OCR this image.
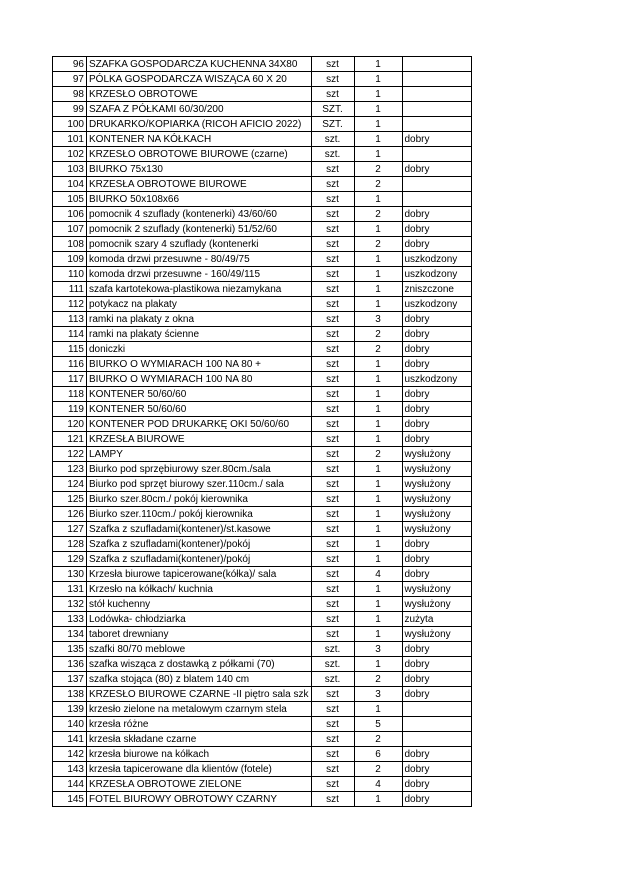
96	SZAFKA GOSPODARCZA KUCHENNA 34X80	szt	1	
97	PÓLKA GOSPODARCZA WISZĄCA 60 X 20	szt	1	
98	KRZESŁO OBROTOWE	szt	1	
99	SZAFA Z PÓŁKAMI 60/30/200	SZT.	1	
100	DRUKARKO/KOPIARKA (RICOH AFICIO 2022)	SZT.	1	
101	KONTENER NA KÓŁKACH	szt.	1	dobry
102	KRZESŁO OBROTOWE BIUROWE (czarne)	szt.	1	
103	BIURKO 75x130	szt	2	dobry
104	KRZESŁA OBROTOWE BIUROWE	szt	2	
105	BIURKO 50x108x66	szt	1	
106	pomocnik 4 szuflady (kontenerki) 43/60/60	szt	2	dobry
107	pomocnik 2 szuflady (kontenerki) 51/52/60	szt	1	dobry
108	pomocnik szary 4 szuflady (kontenerki	szt	2	dobry
109	komoda drzwi przesuwne - 80/49/75	szt	1	uszkodzony
110	komoda drzwi przesuwne - 160/49/115	szt	1	uszkodzony
111	szafa kartotekowa-plastikowa niezamykana	szt	1	zniszczone
112	potykacz na plakaty	szt	1	uszkodzony
113	ramki na plakaty z okna	szt	3	dobry
114	ramki na plakaty ścienne	szt	2	dobry
115	doniczki	szt	2	dobry
116	BIURKO O WYMIARACH 100 NA 80 +	szt	1	dobry
117	BIURKO O WYMIARACH 100 NA 80	szt	1	uszkodzony
118	KONTENER 50/60/60	szt	1	dobry
119	KONTENER 50/60/60	szt	1	dobry
120	KONTENER POD DRUKARKĘ OKI 50/60/60	szt	1	dobry
121	KRZESŁA BIUROWE	szt	1	dobry
122	LAMPY	szt	2	wysłużony
123	Biurko pod sprzębiurowy szer.80cm./sala	szt	1	wysłużony
124	Biurko pod sprzęt biurowy szer.110cm./ sala	szt	1	wysłużony
125	Biurko szer.80cm./ pokój kierownika	szt	1	wysłużony
126	Biurko szer.110cm./ pokój kierownika	szt	1	wysłużony
127	Szafka z szufladami(kontener)/st.kasowe	szt	1	wysłużony
128	Szafka z szufladami(kontener)/pokój	szt	1	dobry
129	Szafka z szufladami(kontener)/pokój	szt	1	dobry
130	Krzesła biurowe tapicerowane(kółka)/ sala	szt	4	dobry
131	Krzesło na kółkach/ kuchnia	szt	1	wysłużony
132	stół kuchenny	szt	1	wysłużony
133	Lodówka- chłodziarka	szt	1	zużyta
134	taboret drewniany	szt	1	wysłużony
135	szafki 80/70 meblowe	szt.	3	dobry
136	szafka wisząca z dostawką z półkami (70)	szt.	1	dobry
137	szafka stojąca (80) z blatem 140 cm	szt.	2	dobry
138	KRZESŁO BIUROWE CZARNE -II piętro sala szk	szt	3	dobry
139	krzesło zielone na metalowym czarnym stela	szt	1	
140	krzesła różne	szt	5	
141	krzesła składane czarne	szt	2	
142	krzesła biurowe na kółkach	szt	6	dobry
143	krzesła tapicerowane dla klientów (fotele)	szt	2	dobry
144	KRZESŁA OBROTOWE ZIELONE	szt	4	dobry
145	FOTEL BIUROWY OBROTOWY CZARNY	szt	1	dobry
